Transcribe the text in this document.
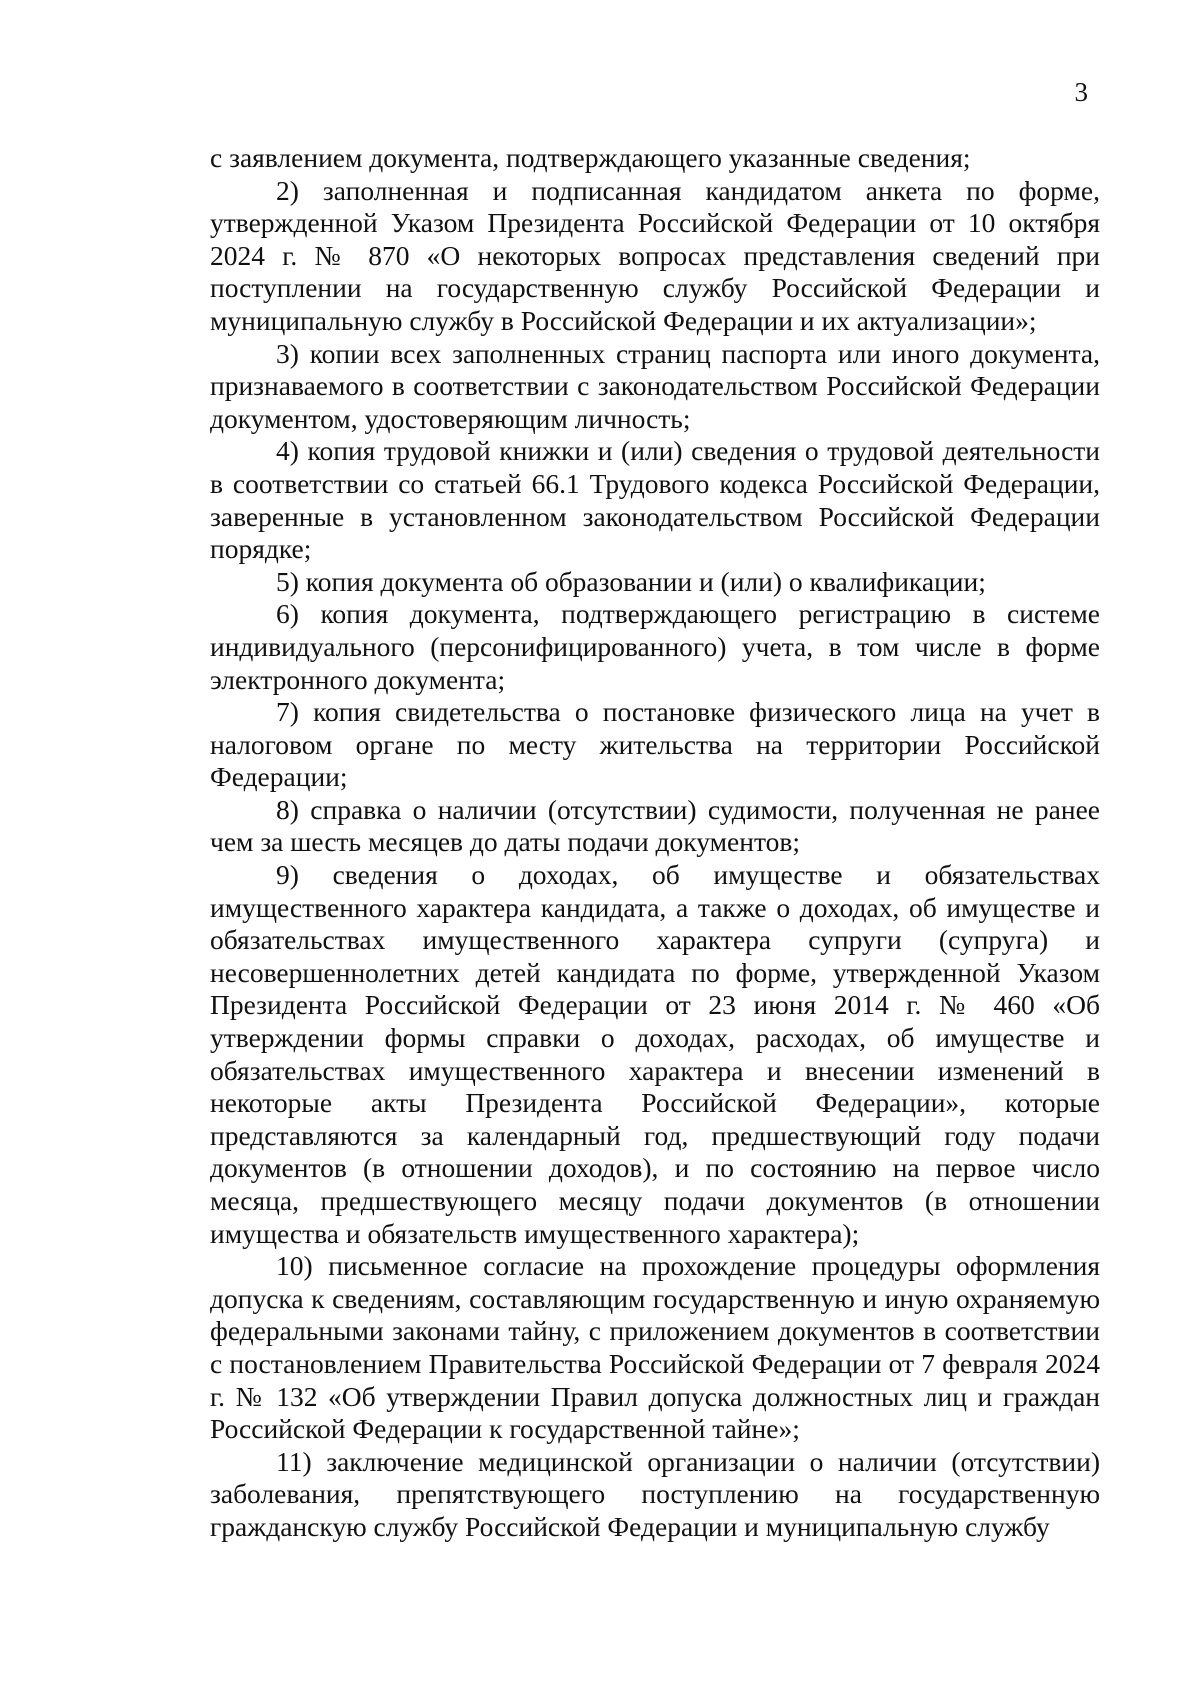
3

с заявлением документа, подтверждающего указанные сведения;

2) заполненная и подписанная кандидатом анкета по форме, утвержденной Указом Президента Российской Федерации от 10 октября 2024 г. № 870 «О некоторых вопросах представления сведений при поступлении на государственную службу Российской Федерации и муниципальную службу в Российской Федерации и их актуализации»;

3) копии всех заполненных страниц паспорта или иного документа, признаваемого в соответствии с законодательством Российской Федерации документом, удостоверяющим личность;

4) копия трудовой книжки и (или) сведения о трудовой деятельности в соответствии со статьей 66.1 Трудового кодекса Российской Федерации, заверенные в установленном законодательством Российской Федерации порядке;

5) копия документа об образовании и (или) о квалификации;

6) копия документа, подтверждающего регистрацию в системе индивидуального (персонифицированного) учета, в том числе в форме электронного документа;

7) копия свидетельства о постановке физического лица на учет в налоговом органе по месту жительства на территории Российской Федерации;

8) справка о наличии (отсутствии) судимости, полученная не ранее чем за шесть месяцев до даты подачи документов;

9) сведения о доходах, об имуществе и обязательствах имущественного характера кандидата, а также о доходах, об имуществе и обязательствах имущественного характера супруги (супруга) и несовершеннолетних детей кандидата по форме, утвержденной Указом Президента Российской Федерации от 23 июня 2014 г. № 460 «Об утверждении формы справки о доходах, расходах, об имуществе и обязательствах имущественного характера и внесении изменений в некоторые акты Президента Российской Федерации», которые представляются за календарный год, предшествующий году подачи документов (в отношении доходов), и по состоянию на первое число месяца, предшествующего месяцу подачи документов (в отношении имущества и обязательств имущественного характера);

10) письменное согласие на прохождение процедуры оформления допуска к сведениям, составляющим государственную и иную охраняемую федеральными законами тайну, с приложением документов в соответствии с постановлением Правительства Российской Федерации от 7 февраля 2024 г. № 132 «Об утверждении Правил допуска должностных лиц и граждан Российской Федерации к государственной тайне»;

11) заключение медицинской организации о наличии (отсутствии) заболевания, препятствующего поступлению на государственную гражданскую службу Российской Федерации и муниципальную службу
